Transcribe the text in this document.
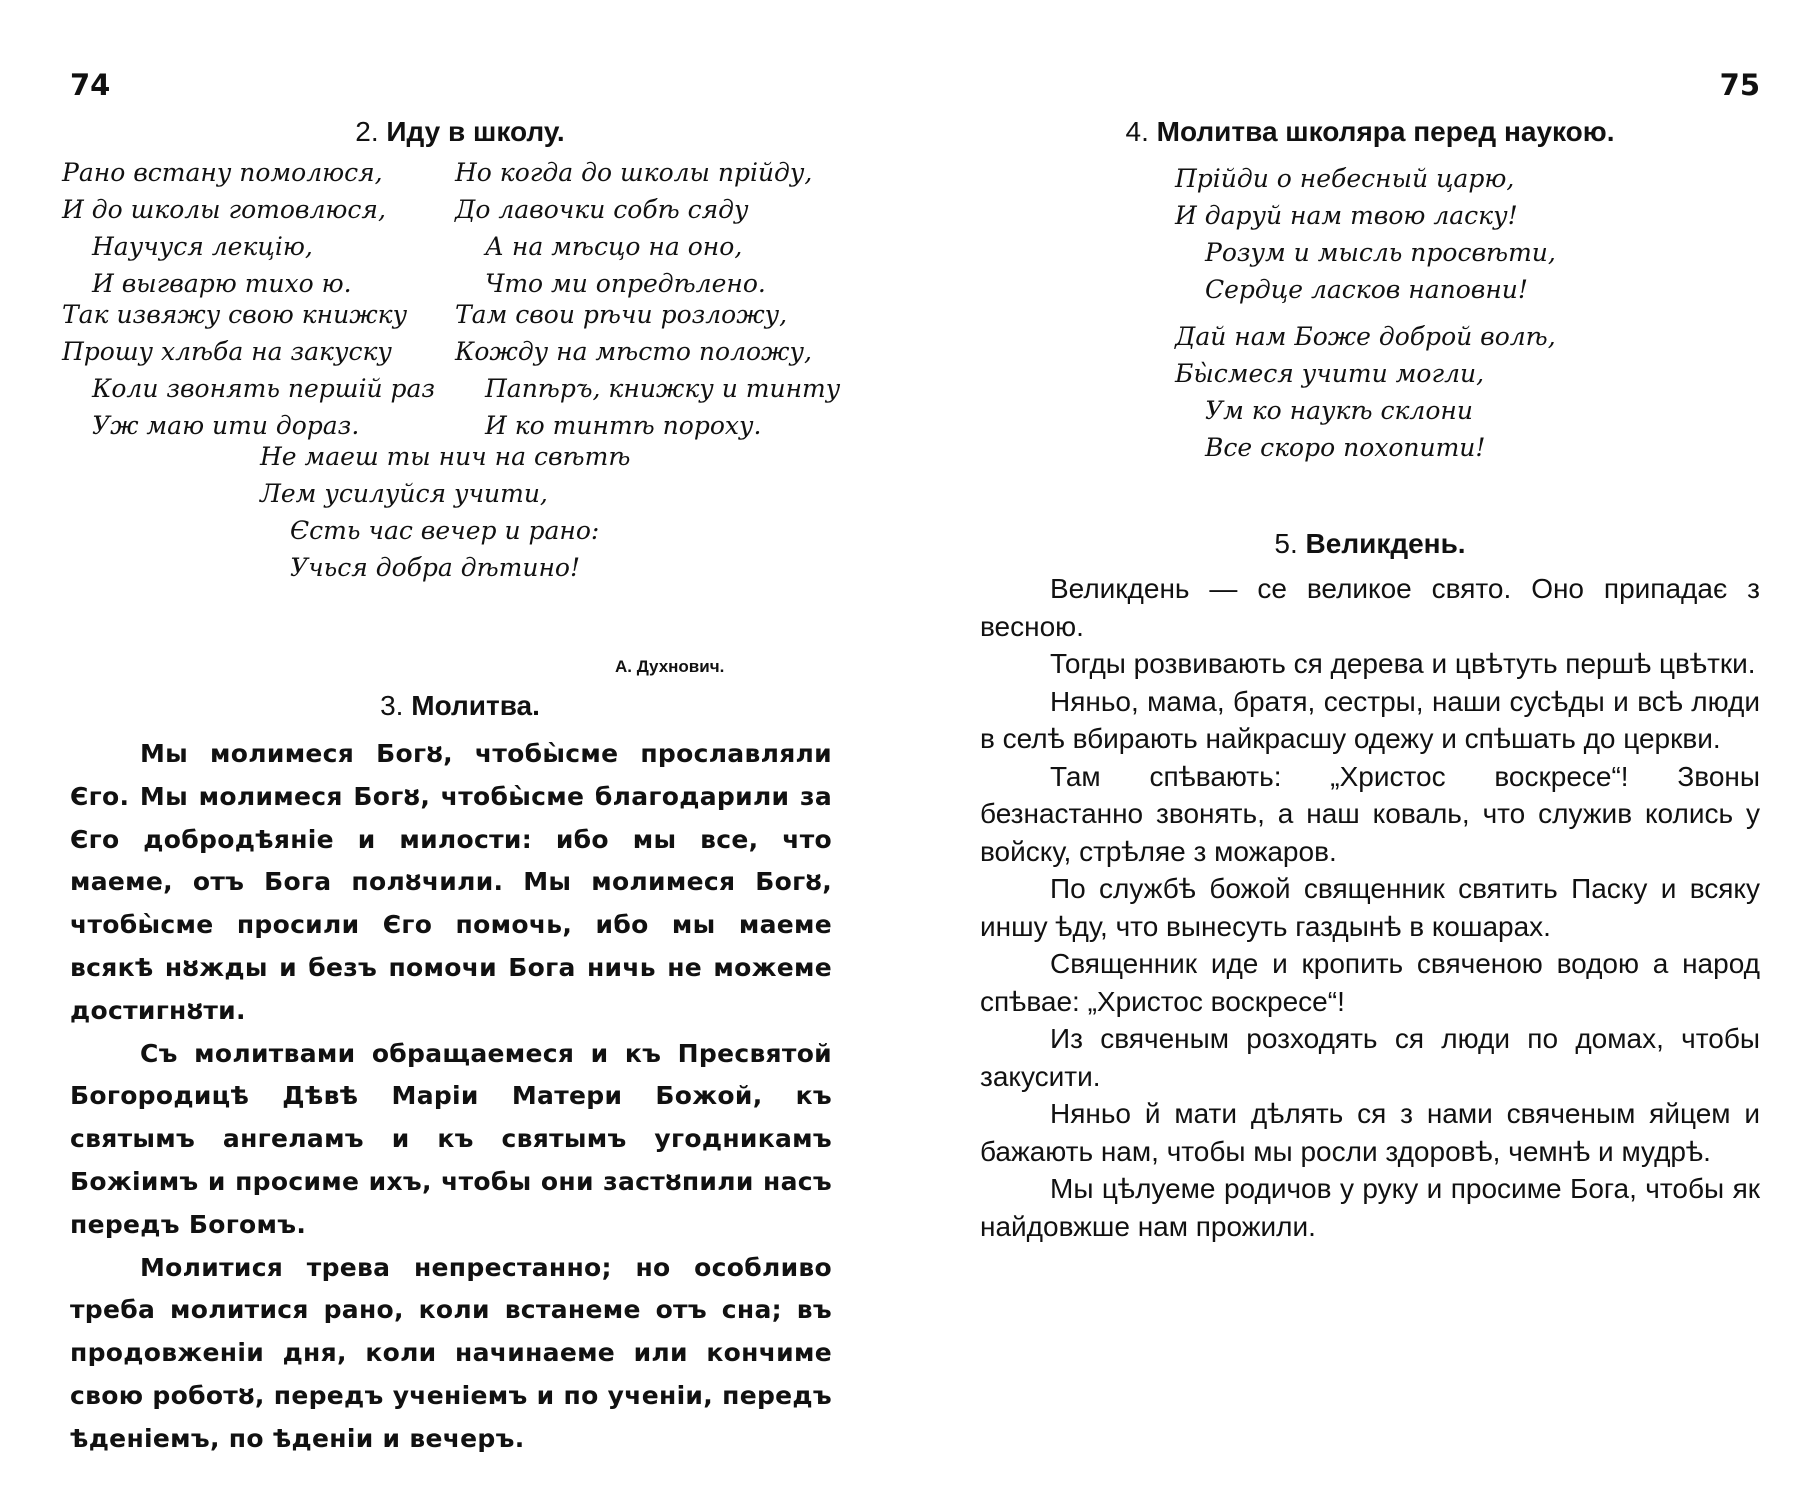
74
2. Иду в школу.
Рано встану помолюся,
И до школы готовлюся,
Научуся лекцію,
И выгварю тихо ю.
Но когда до школы прійду,
До лавочки собѣ сяду
А на мѣсцо на оно,
Что ми опредѣлено.
Так извяжу свою книжку
Прошу хлѣба на закуску
Коли звонять першій раз
Уж маю ити дораз.
Там свои рѣчи розложу,
Кожду на мѣсто положу,
Папѣръ, книжку и тинту
И ко тинтѣ пороху.
Не маеш ты нич на свѣтѣ
Лем усилуйся учити,
Єсть час вечер и рано:
Учься добра дѣтино!
А. Духнович.
3. Молитва.

Мы молимеся Богȣ, чтобы̀сме прославляли Єго. Мы молимеся Богȣ, чтобы̀сме благодарили за Єго добродѣяніе и милости: ибо мы все, что маеме, отъ Бога полȣчили. Мы молимеся Богȣ, чтобы̀сме просили Єго помочь, ибо мы маеме всякѣ нȣжды и безъ помочи Бога ничь не можеме достигнȣти.

Съ молитвами обращаемеся и къ Пресвятой Богородицѣ Дѣвѣ Маріи Матери Божой, къ святымъ ангеламъ и къ святымъ угодникамъ Божіимъ и просиме ихъ, чтобы они застȣпили насъ передъ Богомъ.

Молитися трева непрестанно; но особливо треба молитися рано, коли встанеме отъ сна; въ продовженіи дня, коли начинаеме или кончиме свою роботȣ, передъ ученіемъ и по ученіи, передъ ѣденіемъ, по ѣденіи и вечеръ.

75
4. Молитва школяра перед наукою.
Прійди о небесный царю,
И даруй нам твою ласку!
Розум и мысль просвѣти,
Сердце ласков наповни!
Дай нам Боже доброй волѣ,
Бы̀смеся учити могли,
Ум ко наукѣ склони
Все скоро похопити!
5. Великдень.

Великдень — се великое свято. Оно припадає з весною.

Тогды розвивають ся дерева и цвѣтуть першѣ цвѣтки.

Няньо, мама, братя, сестры, наши сусѣды и всѣ люди в селѣ вбирають найкрасшу одежу и спѣшать до церкви.

Там спѣвають: „Христос воскресе“! Звоны безнастанно звонять, а наш коваль, что служив колись у войску, стрѣляе з можаров.

По службѣ божой священник святить Паску и всяку иншу ѣду, что вынесуть газдынѣ в кошарах.

Священник иде и кропить свяченою водою а народ спѣвае: „Христос воскресе“!

Из свяченым розходять ся люди по домах, чтобы закусити.

Няньо й мати дѣлять ся з нами свяченым яйцем и бажають нам, чтобы мы росли здоровѣ, чемнѣ и мудрѣ.

Мы цѣлуеме родичов у руку и просиме Бога, чтобы як найдовжше нам прожили.
